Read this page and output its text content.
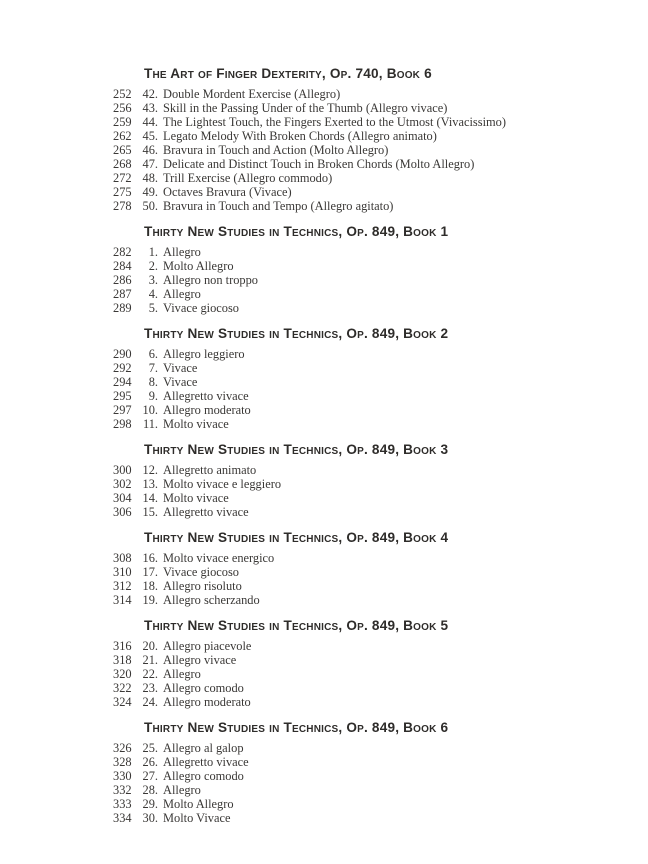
The Art of Finger Dexterity, Op. 740, Book 6
252 42. Double Mordent Exercise (Allegro)
256 43. Skill in the Passing Under of the Thumb (Allegro vivace)
259 44. The Lightest Touch, the Fingers Exerted to the Utmost (Vivacissimo)
262 45. Legato Melody With Broken Chords (Allegro animato)
265 46. Bravura in Touch and Action (Molto Allegro)
268 47. Delicate and Distinct Touch in Broken Chords (Molto Allegro)
272 48. Trill Exercise (Allegro commodo)
275 49. Octaves Bravura (Vivace)
278 50. Bravura in Touch and Tempo (Allegro agitato)
Thirty New Studies in Technics, Op. 849, Book 1
282	1. Allegro
284	2. Molto Allegro
286	3. Allegro non troppo
287	4. Allegro
289	5. Vivace giocoso
Thirty New Studies in Technics, Op. 849, Book 2
290	6. Allegro leggiero
292	7. Vivace
294	8. Vivace
295	9. Allegretto vivace
297 10. Allegro moderato
298 11. Molto vivace
Thirty New Studies in Technics, Op. 849, Book 3
300 12. Allegretto animato
302 13. Molto vivace e leggiero
304 14. Molto vivace
306 15. Allegretto vivace
Thirty New Studies in Technics, Op. 849, Book 4
308 16. Molto vivace energico
310 17. Vivace giocoso
312 18. Allegro risoluto
314 19. Allegro scherzando
Thirty New Studies in Technics, Op. 849, Book 5
316 20. Allegro piacevole
318 21. Allegro vivace
320 22. Allegro
322 23. Allegro comodo
324 24. Allegro moderato
Thirty New Studies in Technics, Op. 849, Book 6
326 25. Allegro al galop
328 26. Allegretto vivace
330 27. Allegro comodo
332 28. Allegro
333 29. Molto Allegro
334 30. Molto Vivace
